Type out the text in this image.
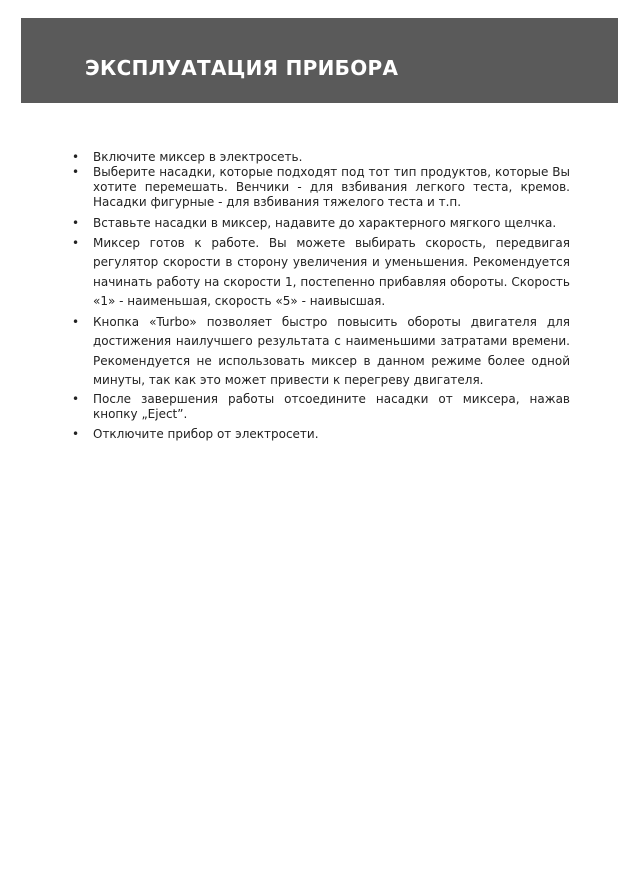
ЭКСПЛУАТАЦИЯ ПРИБОРА
•	Включите миксер в электросеть.
•	Выберите насадки, которые подходят под тот тип продуктов, которые Вы хотите перемешать. Венчики - для взбивания легкого теста, кремов. Насадки фигурные - для взбивания тяжелого теста и т.п.
•	Вставьте насадки в миксер, надавите до характерного мягкого щелчка.
•	Миксер готов к работе. Вы можете выбирать скорость, передвигая регулятор скорости в сторону увеличения и уменьшения. Рекомендуется начинать работу на скорости 1, постепенно прибавляя обороты. Скорость «1» - наименьшая, скорость «5» - наивысшая.
•	Кнопка «Turbo» позволяет быстро повысить обороты двигателя для достижения наилучшего результата с наименьшими затратами времени. Рекомендуется не использовать миксер в данном режиме более одной минуты, так как это может привести к перегреву двигателя.
•	После завершения работы отсоедините насадки от миксера, нажав кнопку „Eject”.
•	Отключите прибор от электросети.
